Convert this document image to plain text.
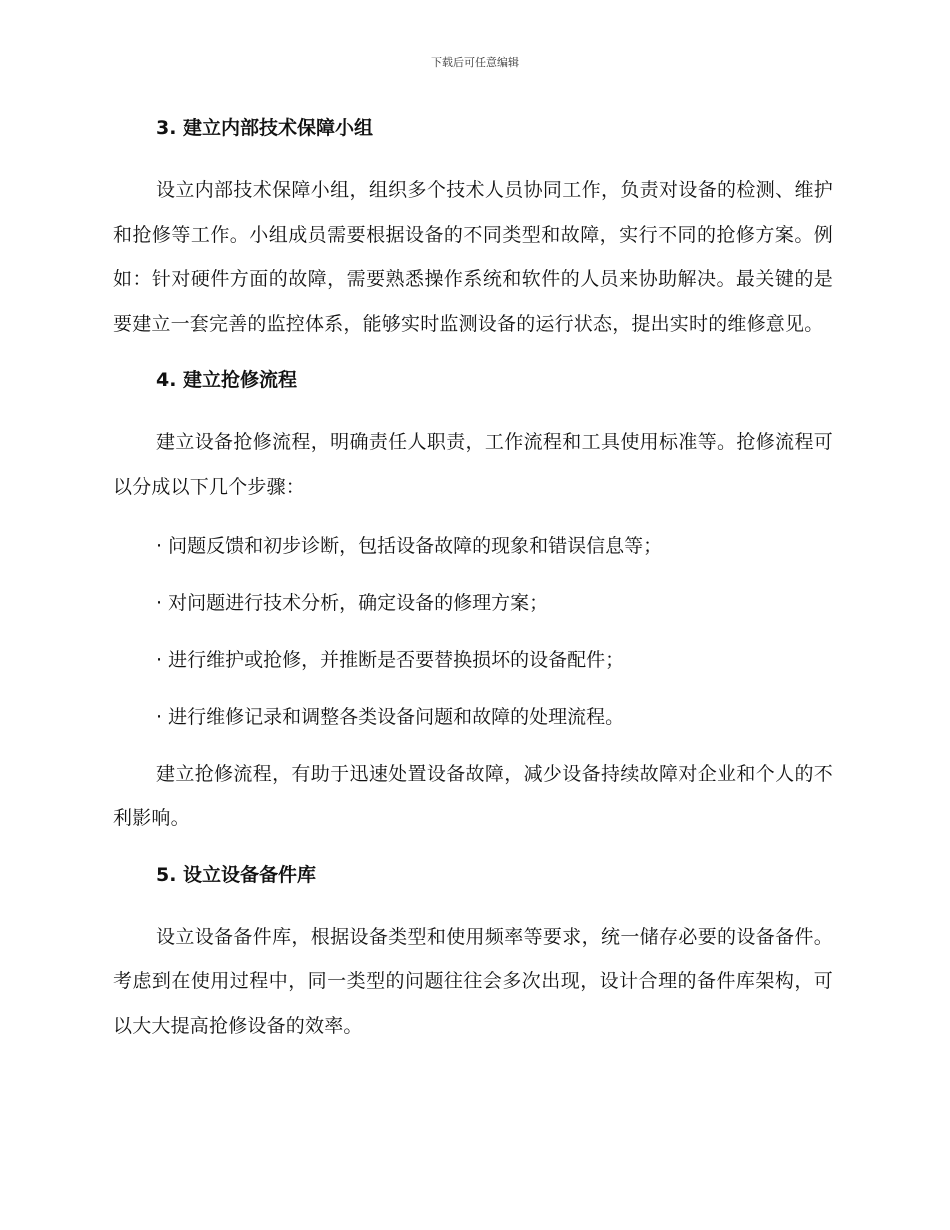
下载后可任意编辑
3. 建立内部技术保障小组

设立内部技术保障小组，组织多个技术人员协同工作，负责对设备的检测、维护和抢修等工作。小组成员需要根据设备的不同类型和故障，实行不同的抢修方案。例如：针对硬件方面的故障，需要熟悉操作系统和软件的人员来协助解决。最关键的是要建立一套完善的监控体系，能够实时监测设备的运行状态，提出实时的维修意见。

4. 建立抢修流程

建立设备抢修流程，明确责任人职责，工作流程和工具使用标准等。抢修流程可以分成以下几个步骤：

· 问题反馈和初步诊断，包括设备故障的现象和错误信息等；
· 对问题进行技术分析，确定设备的修理方案；
· 进行维护或抢修，并推断是否要替换损坏的设备配件；
· 进行维修记录和调整各类设备问题和故障的处理流程。

建立抢修流程，有助于迅速处置设备故障，减少设备持续故障对企业和个人的不利影响。

5. 设立设备备件库

设立设备备件库，根据设备类型和使用频率等要求，统一储存必要的设备备件。考虑到在使用过程中，同一类型的问题往往会多次出现，设计合理的备件库架构，可以大大提高抢修设备的效率。
